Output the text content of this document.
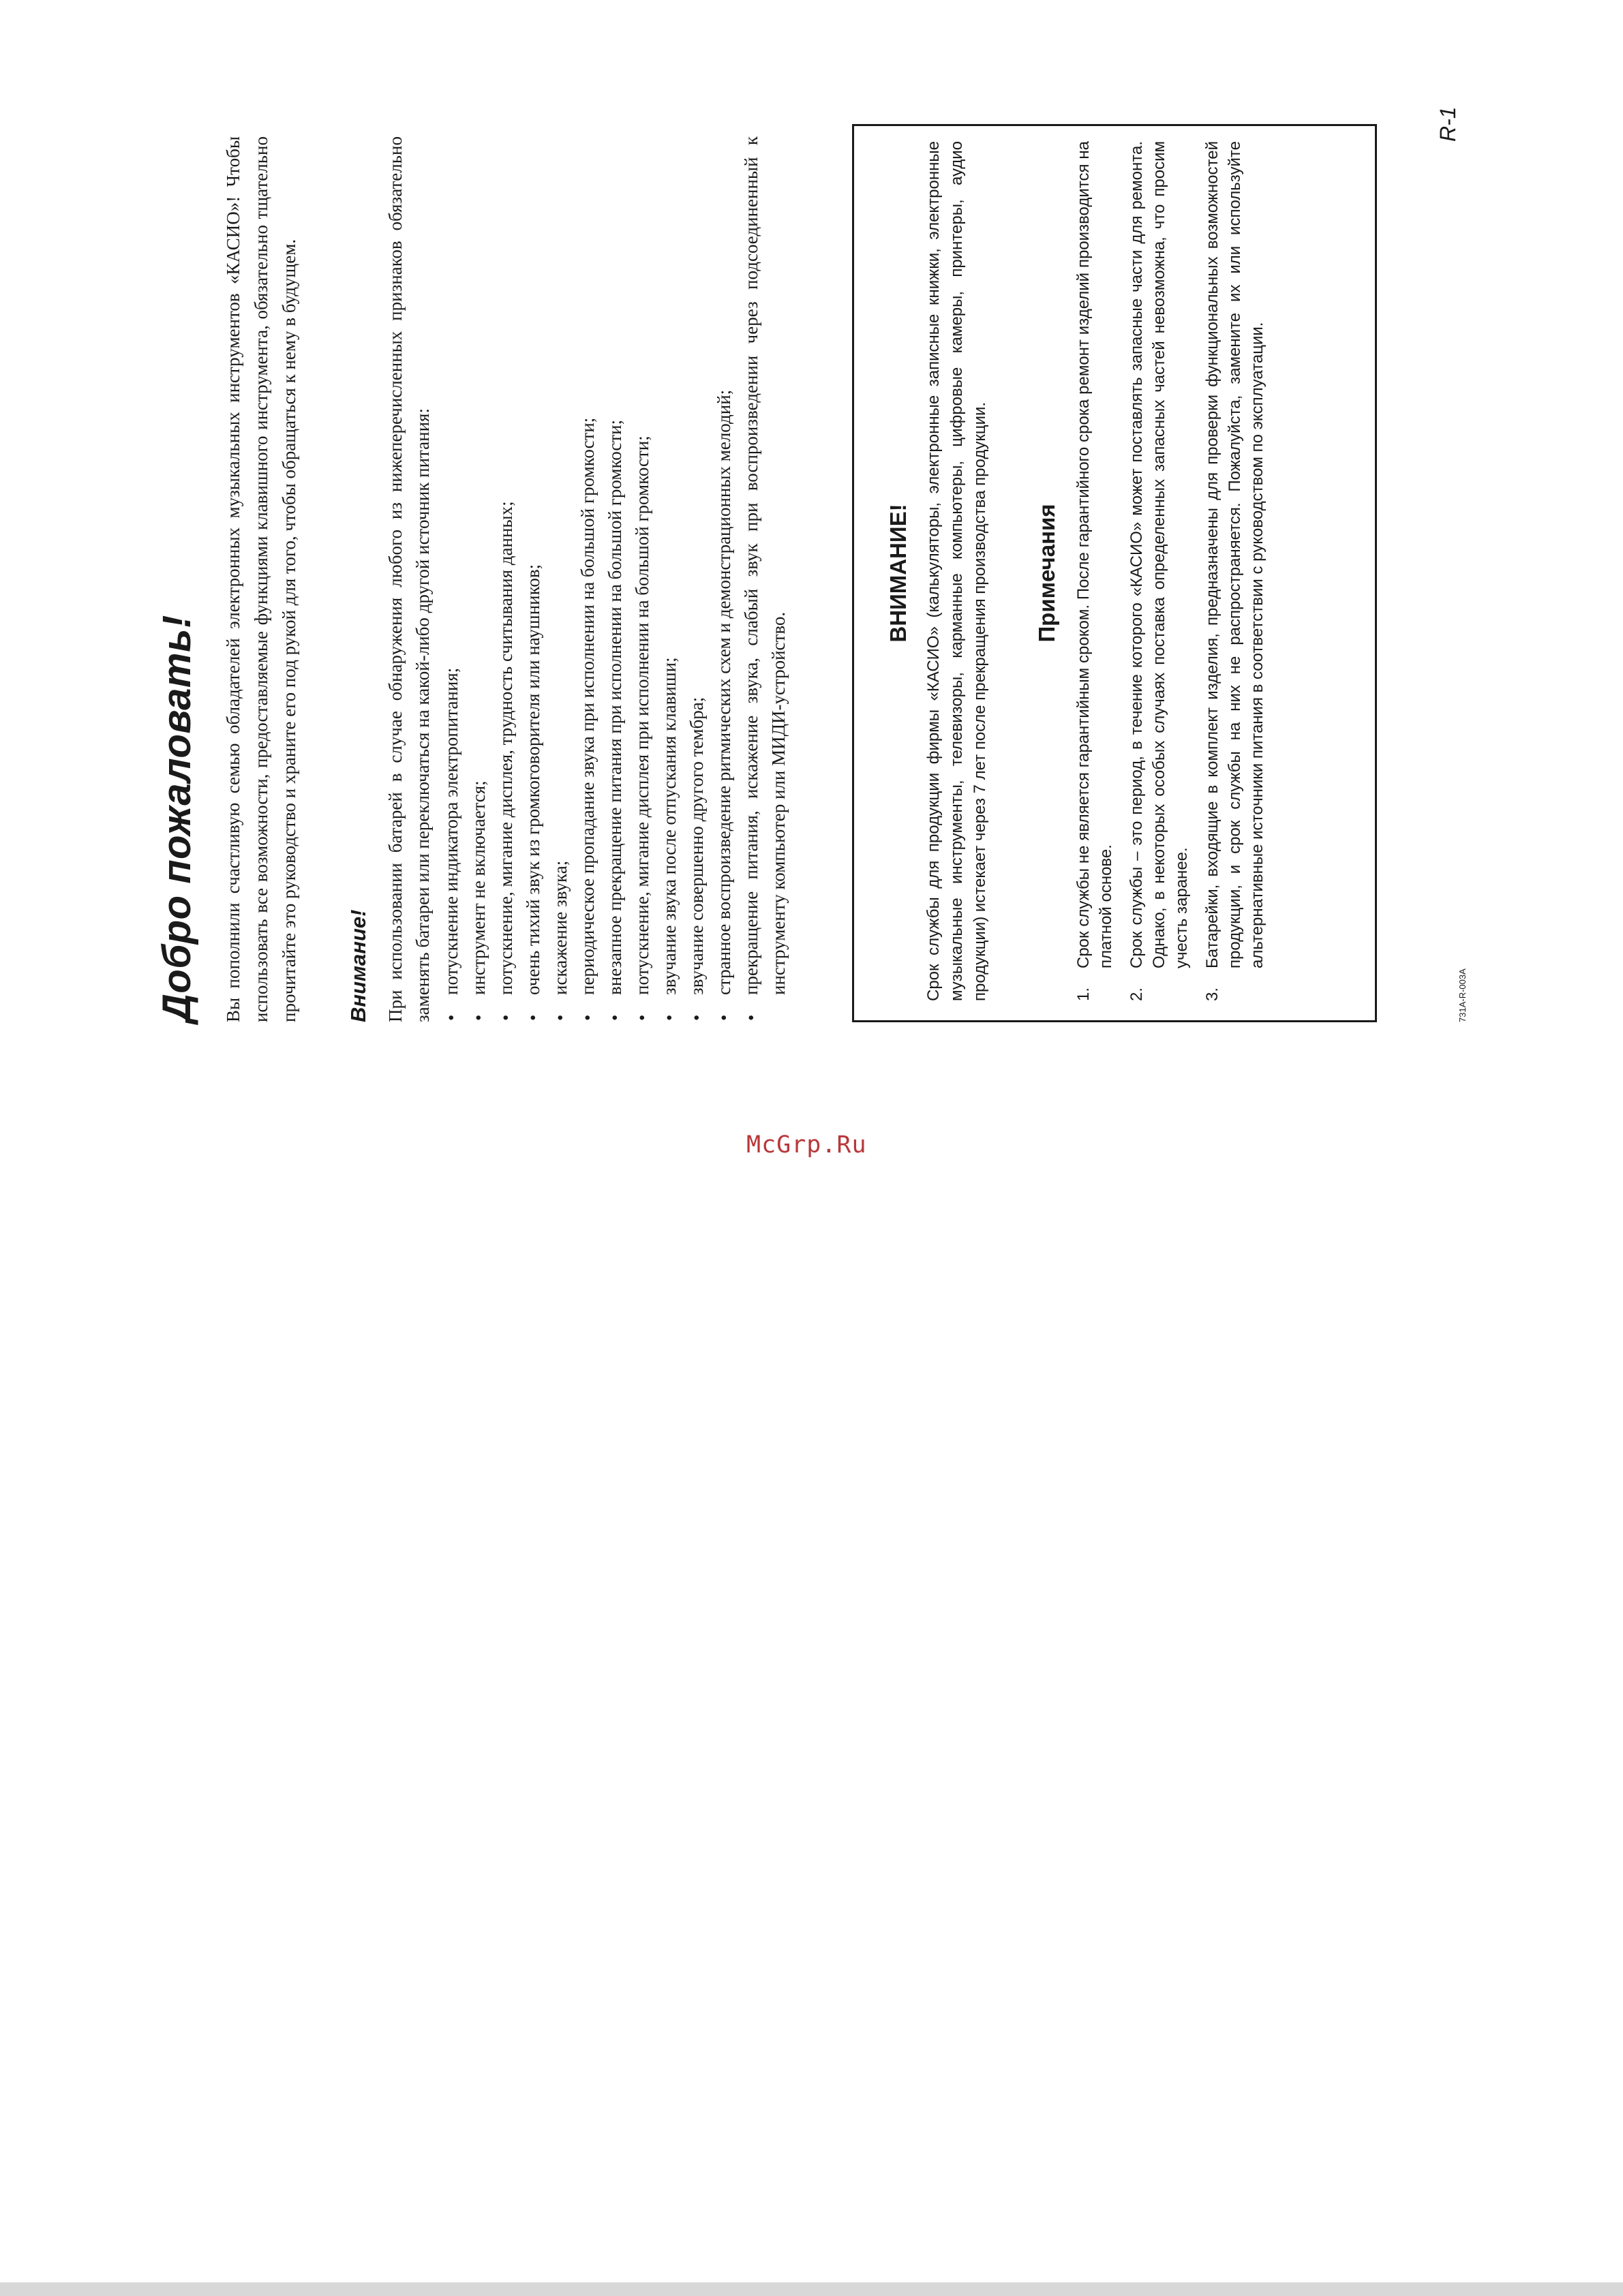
Добро пожаловать! Вы пополнили счастливую семью обладателей электронных музыкальных инструментов «КАСИО»! Чтобы использовать все возможности, предоставляемые функциями клавишного инструмента, обязательно тщательно прочитайте это руководство и храните его под рукой для того, чтобы обращаться к нему в будущем. Внимание! При использовании батарей в случае обнаружения любого из нижеперечисленных признаков обязательно заменять батареи или переключаться на какой-либо другой источник питания: • потускнение индикатора электропитания; • инструмент не включается; • потускнение, мигание дисплея, трудность считывания данных; • очень тихий звук из громкоговорителя или наушников; • искажение звука; • периодическое пропадание звука при исполнении на большой громкости; • внезапное прекращение питания при исполнении на большой громкости; • потускнение, мигание дисплея при исполнении на большой громкости; • звучание звука после отпускания клавиши; • звучание совершенно другого тембра; • странное воспроизведение ритмических схем и демонстрационных мелодий; • прекращение питания, искажение звука, слабый звук при воспроизведении через подсоединенный к инструменту компьютер или МИДИ-устройство.
ВНИМАНИЕ! Срок службы для продукции фирмы «КАСИО» (калькуляторы, электронные записные книжки, электронные музыкальные инструменты, телевизоры, карманные компьютеры, цифровые камеры, принтеры, аудио продукции) истекает через 7 лет после прекращения производства продукции. Примечания
1.
Срок службы не является гарантийным сроком. После гарантийного срока ремонт изделий производится на платной основе.
2.
Срок службы – это период, в течение которого «КАСИО» может поставлять запасные части для ремонта. Однако, в некоторых особых случаях поставка определенных запасных частей невозможна, что просим учесть заранее.
3.
Батарейки, входящие в комплект изделия, предназначены для проверки функциональных возможностей продукции, и срок службы на них не распространяется. Пожалуйста, замените их или используйте альтернативные источники питания в соответствии с руководством по эксплуатации.

R-1

731A-R-003A

McGrp.Ru
